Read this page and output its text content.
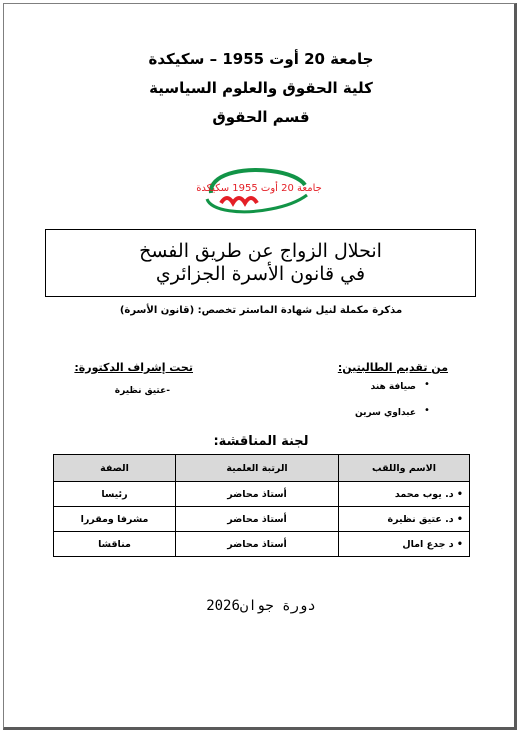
جامعة 20 أوت 1955 – سكيكدة
كلية الحقوق والعلوم السياسية
قسم الحقوق
جامعة 20 أوت 1955 سكيكدة
انحلال الزواج عن طريق الفسخ
في قانون الأسرة الجزائري
مذكرة مكملة لنيل شهادة الماستر تخصص: (قانون الأسرة)
من تقديم الطالبتين:
•
صيافة هند
•
عبداوي سرين
تحت إشراف الدكتورة:
-عتيق نظيرة
لجنة المناقشة:
الاسم واللقب	الرتبة العلمية	الصفة
• د. يوب محمد	أستاذ محاضر	رئيسا
• د. عتيق نظيرة	أستاذ محاضر	مشرفا ومقررا
• د جدع امال	أستاذ محاضر	مناقشا
دورة جوان2026
